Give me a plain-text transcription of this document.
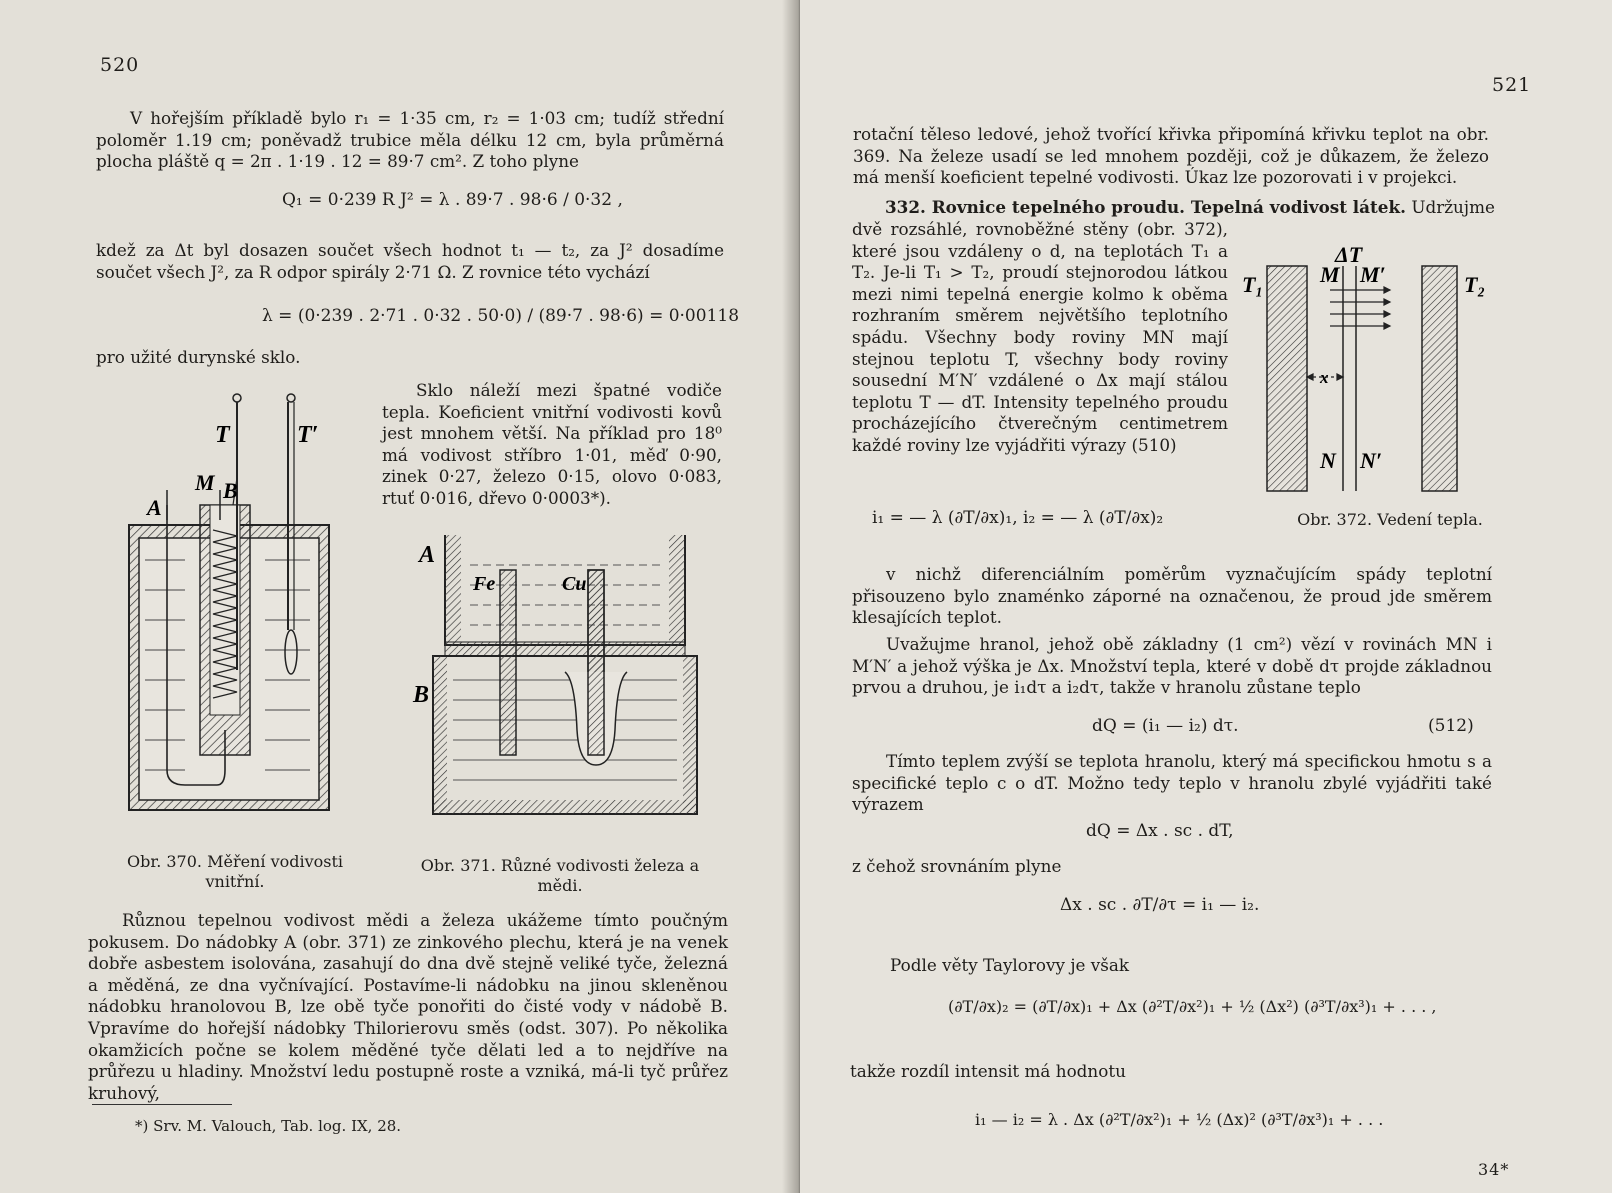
520
V hořejším příkladě bylo r₁ = 1·35 cm, r₂ = 1·03 cm; tudíž střední poloměr 1.19 cm; poněvadž trubice měla délku 12 cm, byla průměrná plocha pláště q = 2π . 1·19 . 12 = 89·7 cm². Z toho plyne
Q₁ = 0·239 R J² = λ . 89·7 . 98·6 / 0·32 ,
kdež za Δt byl dosazen součet všech hodnot t₁ — t₂, za J² dosadíme součet všech J², za R odpor spirály 2·71 Ω. Z rovnice této vychází
λ = (0·239 . 2·71 . 0·32 . 50·0) / (89·7 . 98·6) = 0·00118
pro užité durynské sklo.
Sklo náleží mezi špatné vodiče tepla. Koeficient vnitřní vodivosti kovů jest mnohem větší. Na příklad pro 18⁰ má vodivost stříbro 1·01, měď 0·90, zinek 0·27, železo 0·15, olovo 0·083, rtuť 0·016, dřevo 0·0003*).
T	T′
M B
A
A
B
Fe	Cu
Obr. 370. Měření vodivosti vnitřní.
Obr. 371. Různé vodivosti železa a mědi.
Různou tepelnou vodivost mědi a železa ukážeme tímto poučným pokusem. Do nádobky A (obr. 371) ze zinkového plechu, která je na venek dobře asbestem isolována, zasahují do dna dvě stejně veliké tyče, železná a měděná, ze dna vyčnívající. Postavíme-li nádobku na jinou skleněnou nádobku hranolovou B, lze obě tyče ponořiti do čisté vody v nádobě B. Vpravíme do hořejší nádobky Thilorierovu směs (odst. 307). Po několika okamžicích počne se kolem měděné tyče dělati led a to nejdříve na průřezu u hladiny. Množství ledu postupně roste a vzniká, má-li tyč průřez kruhový,
*) Srv. M. Valouch, Tab. log. IX, 28.
521
rotační těleso ledové, jehož tvořící křivka připomíná křivku teplot na obr. 369. Na železe usadí se led mnohem později, což je důkazem, že železo má menší koeficient tepelné vodivosti. Úkaz lze pozorovati i v projekci.
332. Rovnice tepelného proudu. Tepelná vodivost látek. Udržujme
dvě rozsáhlé, rovnoběžné stěny (obr. 372), které jsou vzdáleny o d, na teplotách T₁ a T₂. Je-li T₁ > T₂, proudí stejnorodou látkou mezi nimi tepelná energie kolmo k oběma rozhraním směrem největšího teplotního spádu. Všechny body roviny MN mají stejnou teplotu T, všechny body roviny sousední M′N′ vzdálené o Δx mají stálou teplotu T — dT. Intensity tepelného proudu procházejícího čtverečným centimetrem každé roviny lze vyjádřiti výrazy (510)
ΔT
T₁	T₂
M M′
N N′
x
Obr. 372. Vedení tepla.
i₁ = — λ (∂T/∂x)₁, i₂ = — λ (∂T/∂x)₂
v nichž diferenciálním poměrům vyznačujícím spády teplotní přisouzeno bylo znaménko záporné na označenou, že proud jde směrem klesajících teplot.
Uvažujme hranol, jehož obě základny (1 cm²) vězí v rovinách MN i M′N′ a jehož výška je Δx. Množství tepla, které v době dτ projde základnou prvou a druhou, je i₁dτ a i₂dτ, takže v hranolu zůstane teplo
dQ = (i₁ — i₂) dτ.	(512)
Tímto teplem zvýší se teplota hranolu, který má specifickou hmotu s a specifické teplo c o dT. Možno tedy teplo v hranolu zbylé vyjádřiti také výrazem
dQ = Δx . sc . dT,
z čehož srovnáním plyne
Δx . sc . ∂T/∂τ = i₁ — i₂.
Podle věty Taylorovy je však
(∂T/∂x)₂ = (∂T/∂x)₁ + Δx (∂²T/∂x²)₁ + ½ (Δx²) (∂³T/∂x³)₁ + . . . ,
takže rozdíl intensit má hodnotu
i₁ — i₂ = λ . Δx (∂²T/∂x²)₁ + ½ (Δx)² (∂³T/∂x³)₁ + . . .
34*
